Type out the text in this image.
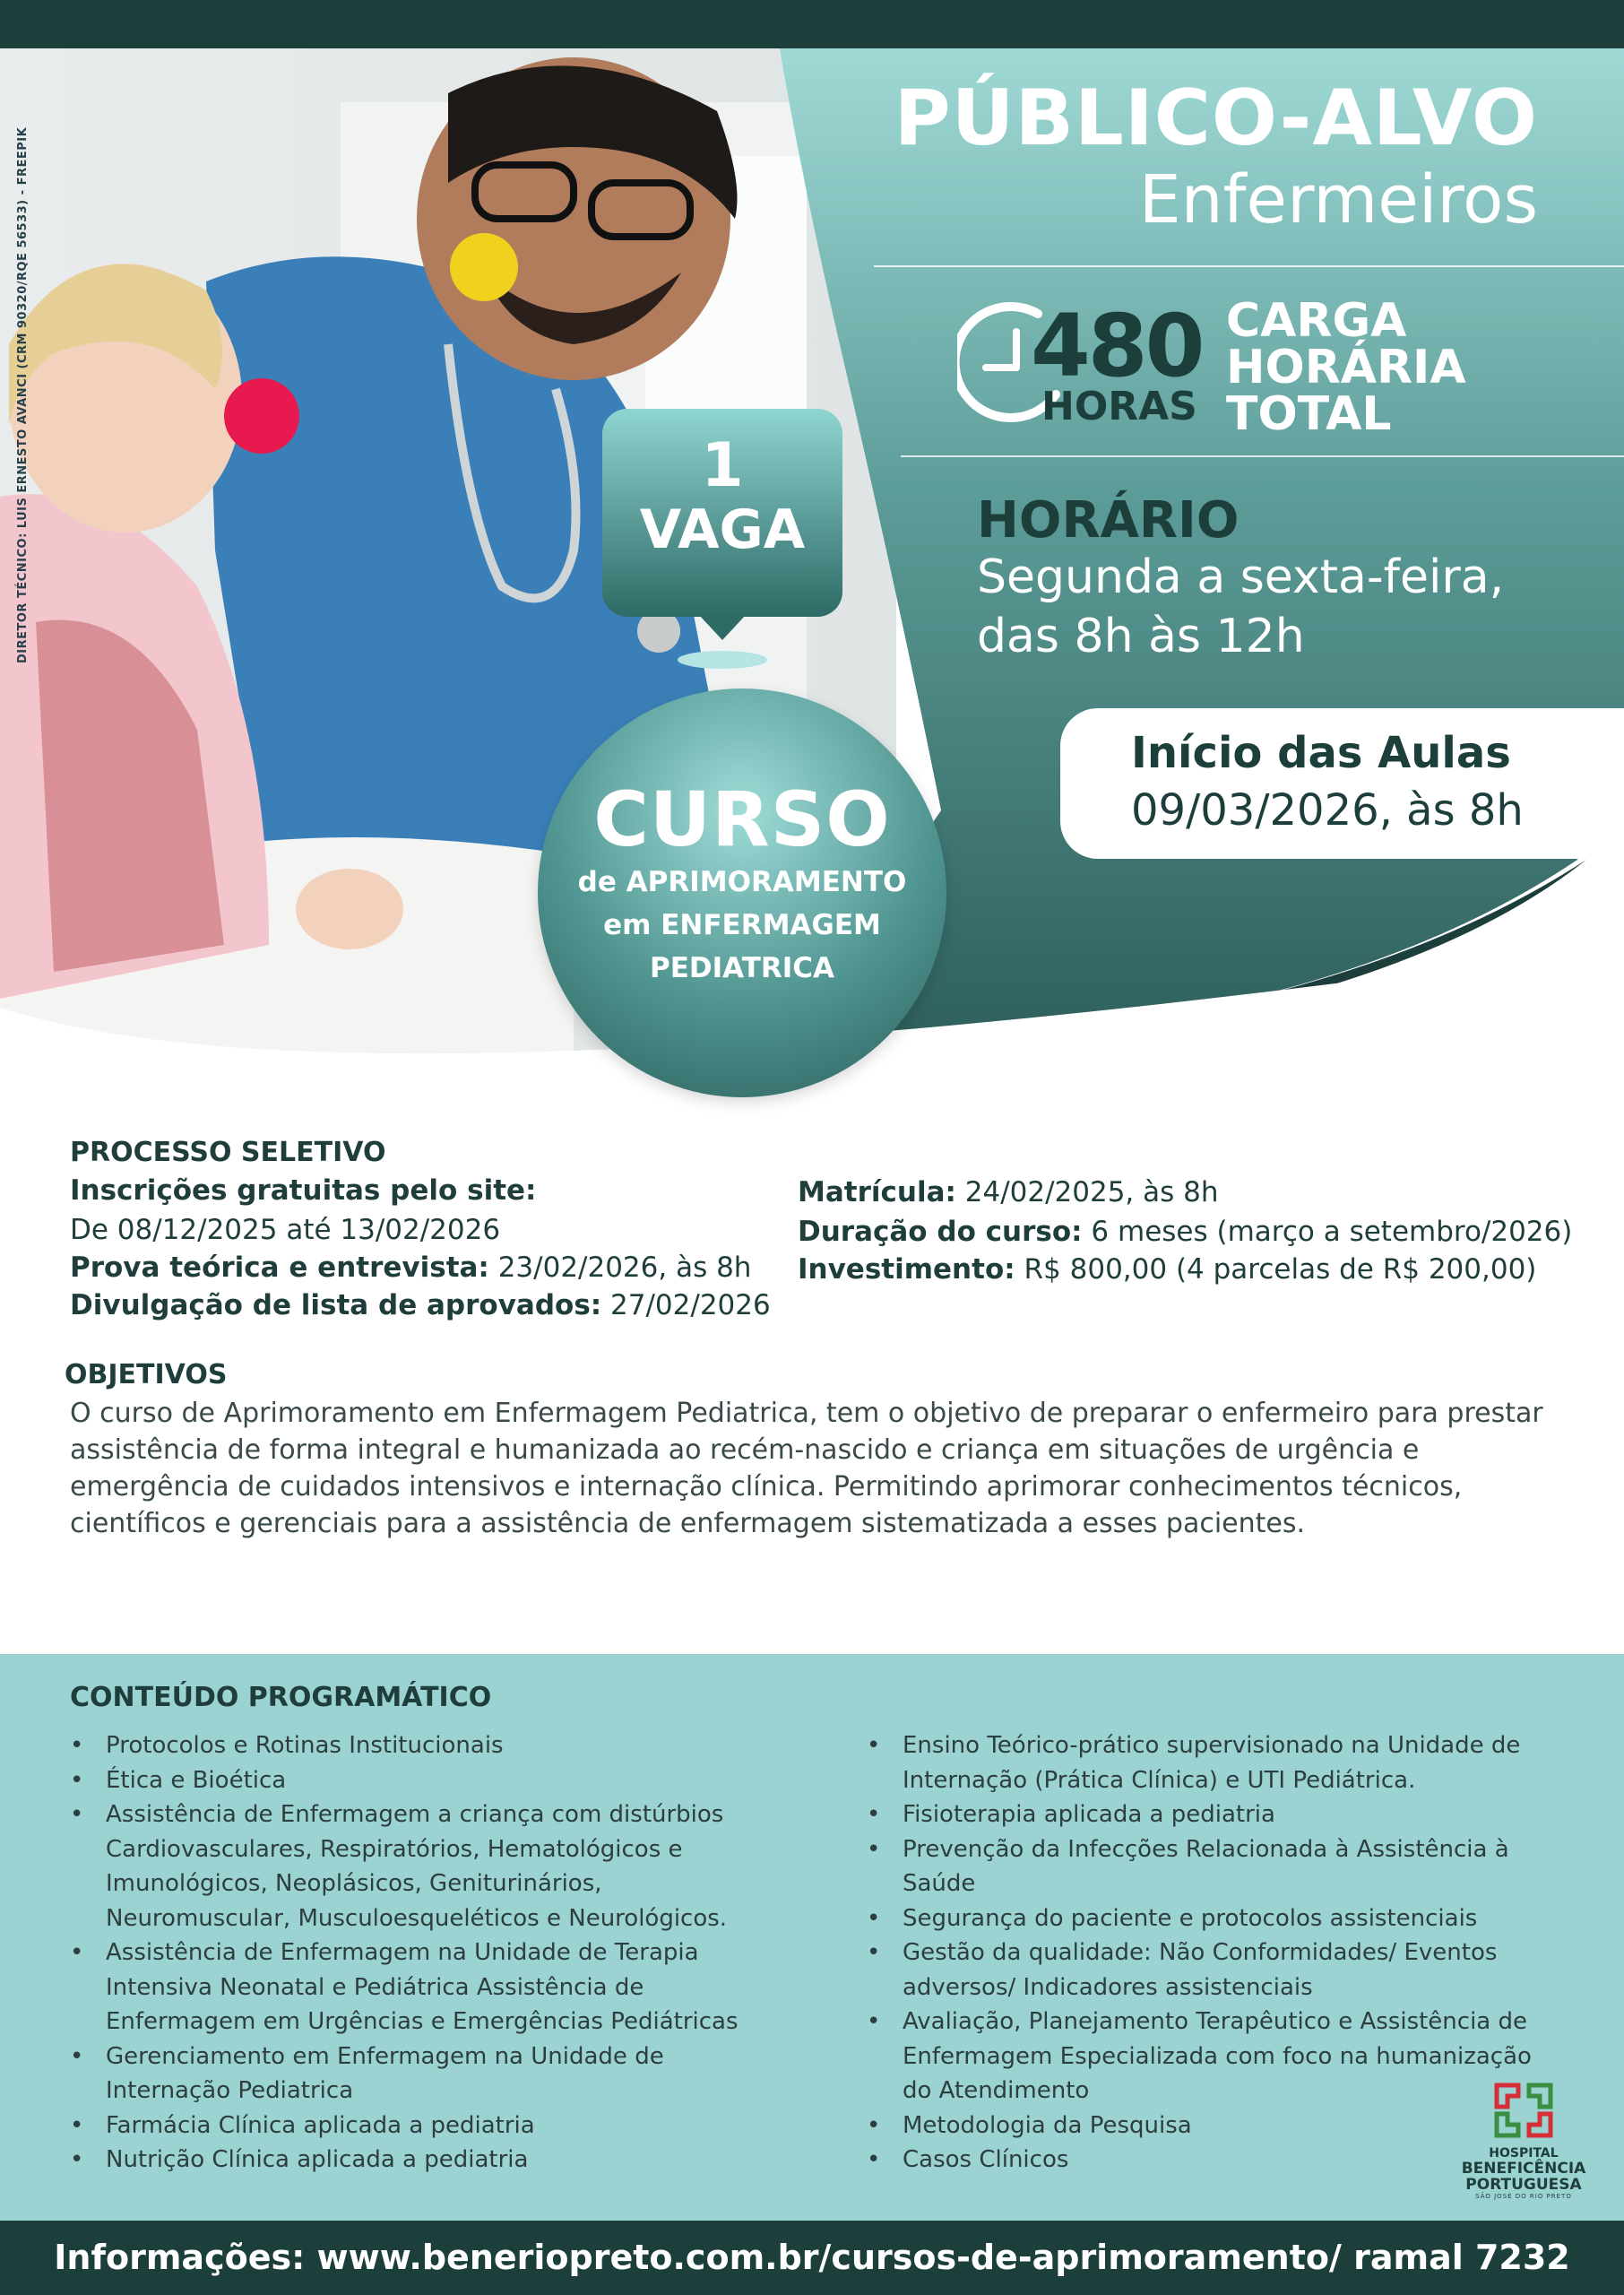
DIRETOR TÉCNICO: LUIS ERNESTO AVANCI (CRM 90320/RQE 56533) - FREEPIK
PÚBLICO-ALVO
Enfermeiros
480
HORAS
CARGA
HORÁRIA
TOTAL
HORÁRIO
Segunda a sexta-feira,
das 8h às 12h
Início das Aulas
09/03/2026, às 8h
1
VAGA
CURSO
de APRIMORAMENTO
em ENFERMAGEM
PEDIATRICA
PROCESSO SELETIVO
Inscrições gratuitas pelo site:
De 08/12/2025 até 13/02/2026
Prova teórica e entrevista: 23/02/2026, às 8h
Divulgação de lista de aprovados: 27/02/2026
Matrícula: 24/02/2025, às 8h
Duração do curso: 6 meses (março a setembro/2026)
Investimento: R$ 800,00 (4 parcelas de R$ 200,00)
OBJETIVOS
O curso de Aprimoramento em Enfermagem Pediatrica, tem o objetivo de preparar o enfermeiro para prestar assistência de forma integral e humanizada ao recém-nascido e criança em situações de urgência e emergência de cuidados intensivos e internação clínica. Permitindo aprimorar conhecimentos técnicos, científicos e gerenciais para a assistência de enfermagem sistematizada a esses pacientes.
CONTEÚDO PROGRAMÁTICO
• Protocolos e Rotinas Institucionais
• Ética e Bioética
• Assistência de Enfermagem a criança com distúrbios Cardiovasculares, Respiratórios, Hematológicos e Imunológicos, Neoplásicos, Geniturinários, Neuromuscular, Musculoesqueléticos e Neurológicos.
• Assistência de Enfermagem na Unidade de Terapia Intensiva Neonatal e Pediátrica Assistência de Enfermagem em Urgências e Emergências Pediátricas
• Gerenciamento em Enfermagem na Unidade de Internação Pediatrica
• Farmácia Clínica aplicada a pediatria
• Nutrição Clínica aplicada a pediatria
• Ensino Teórico-prático supervisionado na Unidade de Internação (Prática Clínica) e UTI Pediátrica.
• Fisioterapia aplicada a pediatria
• Prevenção da Infecções Relacionada à Assistência à Saúde
• Segurança do paciente e protocolos assistenciais
• Gestão da qualidade: Não Conformidades/ Eventos adversos/ Indicadores assistenciais
• Avaliação, Planejamento Terapêutico e Assistência de Enfermagem Especializada com foco na humanização do Atendimento
• Metodologia da Pesquisa
• Casos Clínicos	HOSPITAL
BENEFICÊNCIA
PORTUGUESA
SÃO JOSÉ DO RIO PRETO
Informações: www.beneriopreto.com.br/cursos-de-aprimoramento/ ramal 7232
